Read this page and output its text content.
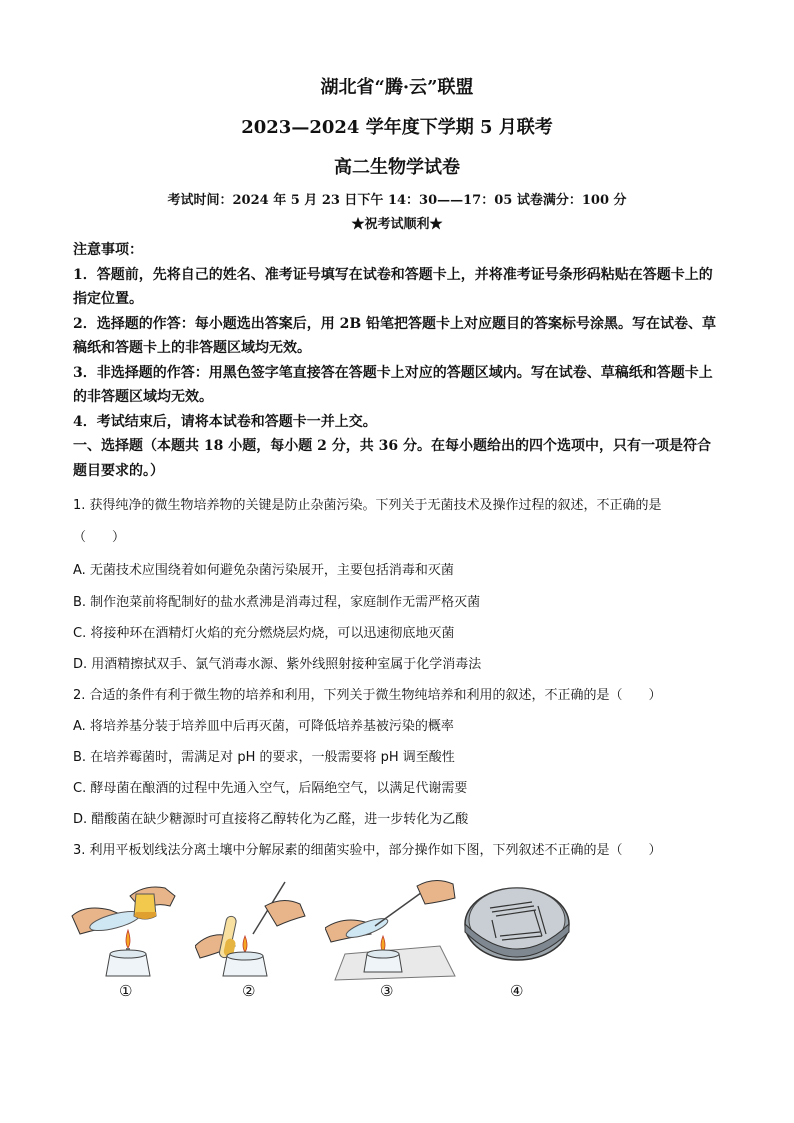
湖北省“腾·云”联盟
2023—2024 学年度下学期 5 月联考
高二生物学试卷
考试时间：2024 年 5 月 23 日下午 14：30——17：05 试卷满分：100 分
★祝考试顺利★

注意事项：

1．答题前，先将自己的姓名、准考证号填写在试卷和答题卡上，并将准考证号条形码粘贴在答题卡上的指定位置。

2．选择题的作答：每小题选出答案后，用 2B 铅笔把答题卡上对应题目的答案标号涂黑。写在试卷、草稿纸和答题卡上的非答题区域均无效。

3．非选择题的作答：用黑色签字笔直接答在答题卡上对应的答题区域内。写在试卷、草稿纸和答题卡上的非答题区域均无效。

4．考试结束后，请将本试卷和答题卡一并上交。

一、选择题（本题共 18 小题，每小题 2 分，共 36 分。在每小题给出的四个选项中，只有一项是符合题目要求的。）
1. 获得纯净的微生物培养物的关键是防止杂菌污染。下列关于无菌技术及操作过程的叙述，不正确的是
（　　）
A. 无菌技术应围绕着如何避免杂菌污染展开，主要包括消毒和灭菌
B. 制作泡菜前将配制好的盐水煮沸是消毒过程，家庭制作无需严格灭菌
C. 将接种环在酒精灯火焰的充分燃烧层灼烧，可以迅速彻底地灭菌
D. 用酒精擦拭双手、氯气消毒水源、紫外线照射接种室属于化学消毒法
2. 合适的条件有利于微生物的培养和利用，下列关于微生物纯培养和利用的叙述，不正确的是（　　）
A. 将培养基分装于培养皿中后再灭菌，可降低培养基被污染的概率
B. 在培养霉菌时，需满足对 pH 的要求，一般需要将 pH 调至酸性
C. 酵母菌在酿酒的过程中先通入空气，后隔绝空气，以满足代谢需要
D. 醋酸菌在缺少糖源时可直接将乙醇转化为乙醛，进一步转化为乙酸
3. 利用平板划线法分离土壤中分解尿素的细菌实验中，部分操作如下图，下列叙述不正确的是（　　）
①	②	③	④
